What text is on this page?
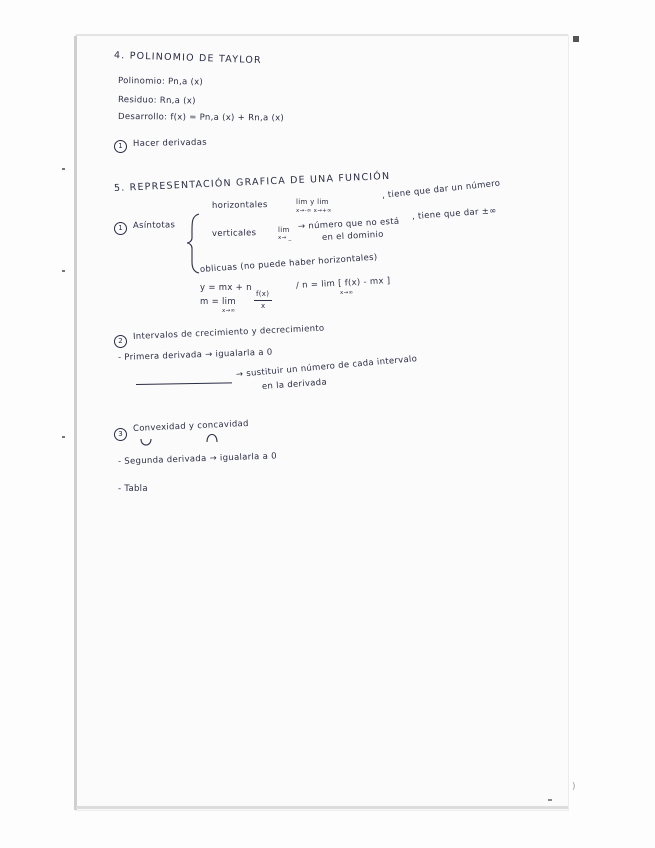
4. POLINOMIO DE TAYLOR
Polinomio: Pn,a (x)
Residuo: Rn,a (x)
Desarrollo: f(x) = Pn,a (x) + Rn,a (x)
1	Hacer derivadas
5. REPRESENTACIÓN GRAFICA DE UNA FUNCIÓN
1	Asíntotas
horizontales	lim y lim
x→-∞ x→+∞
, tiene que dar un número
verticales	lim
x→ _
→ número que no está
, tiene que dar ±∞
en el dominio
oblicuas (no puede haber horizontales)
y = mx + n
m = lim
x→∞
f(x)
x
/ n = lim [ f(x) - mx ]
x→∞
2	Intervalos de crecimiento y decrecimiento
- Primera derivada → igualarla a 0
→ sustituir un número de cada intervalo
en la derivada
3
Convexidad y concavidad
- Segunda derivada → igualarla a 0
- Tabla
)
